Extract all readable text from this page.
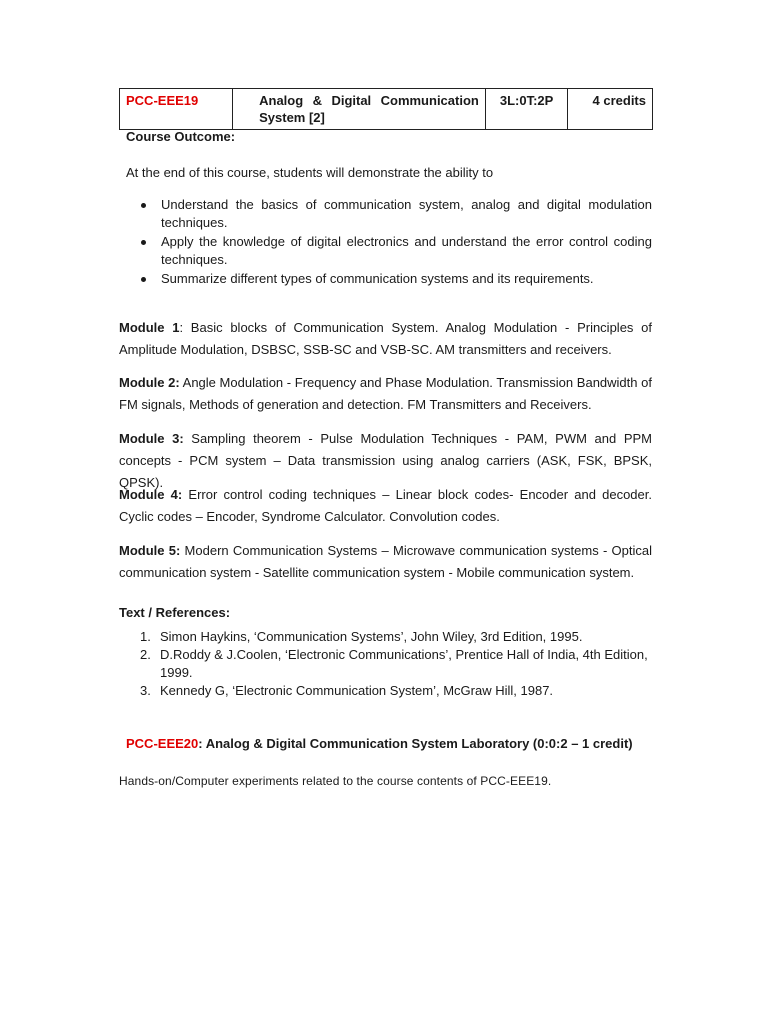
PCC-EEE19	Analog & Digital Communication System [2]	3L:0T:2P	4 credits
Course Outcome:
At the end of this course, students will demonstrate the ability to
Understand the basics of communication system, analog and digital modulation techniques.
Apply the knowledge of digital electronics and understand the error control coding techniques.
Summarize different types of communication systems and its requirements.
Module 1: Basic blocks of Communication System. Analog Modulation - Principles of Amplitude Modulation, DSBSC, SSB-SC and VSB-SC. AM transmitters and receivers.
Module 2: Angle Modulation - Frequency and Phase Modulation. Transmission Bandwidth of FM signals, Methods of generation and detection. FM Transmitters and Receivers.
Module 3: Sampling theorem - Pulse Modulation Techniques - PAM, PWM and PPM concepts - PCM system – Data transmission using analog carriers (ASK, FSK, BPSK, QPSK).
Module 4: Error control coding techniques – Linear block codes- Encoder and decoder. Cyclic codes – Encoder, Syndrome Calculator. Convolution codes.
Module 5: Modern Communication Systems – Microwave communication systems - Optical communication system - Satellite communication system - Mobile communication system.
Text / References:
1. Simon Haykins, ‘Communication Systems’, John Wiley, 3rd Edition, 1995.
2. D.Roddy & J.Coolen, ‘Electronic Communications’, Prentice Hall of India, 4th Edition, 1999.
3. Kennedy G, ‘Electronic Communication System’, McGraw Hill, 1987.
PCC-EEE20: Analog & Digital Communication System Laboratory (0:0:2 – 1 credit)
Hands-on/Computer experiments related to the course contents of PCC-EEE19.
